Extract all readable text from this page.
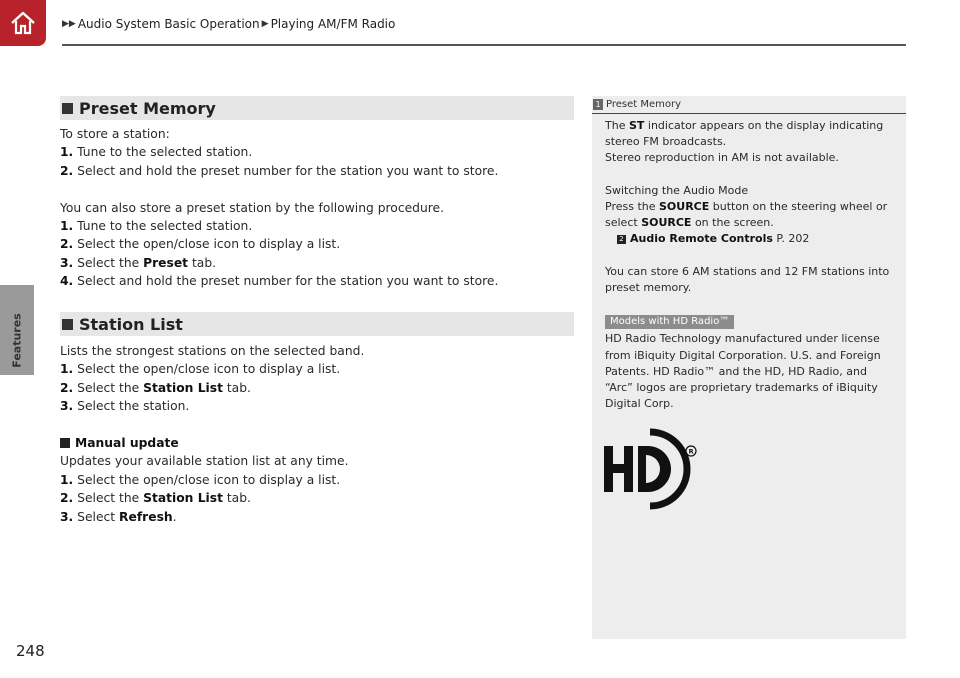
▶▶ Audio System Basic Operation ▶ Playing AM/FM Radio
Features
248
Preset Memory

To store a station:

1. Tune to the selected station.

2. Select and hold the preset number for the station you want to store.

You can also store a preset station by the following procedure.

1. Tune to the selected station.

2. Select the open/close icon to display a list.

3. Select the Preset tab.

4. Select and hold the preset number for the station you want to store.

Station List

Lists the strongest stations on the selected band.

1. Select the open/close icon to display a list.

2. Select the Station List tab.

3. Select the station.

Manual update

Updates your available station list at any time.

1. Select the open/close icon to display a list.

2. Select the Station List tab.

3. Select Refresh.

1 Preset Memory

The ST indicator appears on the display indicating

stereo FM broadcasts.

Stereo reproduction in AM is not available.

Switching the Audio Mode

Press the SOURCE button on the steering wheel or

select SOURCE on the screen.

2 Audio Remote Controls P. 202

You can store 6 AM stations and 12 FM stations into

preset memory.

Models with HD Radio™

HD Radio Technology manufactured under license

from iBiquity Digital Corporation. U.S. and Foreign

Patents. HD Radio™ and the HD, HD Radio, and

“Arc” logos are proprietary trademarks of iBiquity

Digital Corp.

R
